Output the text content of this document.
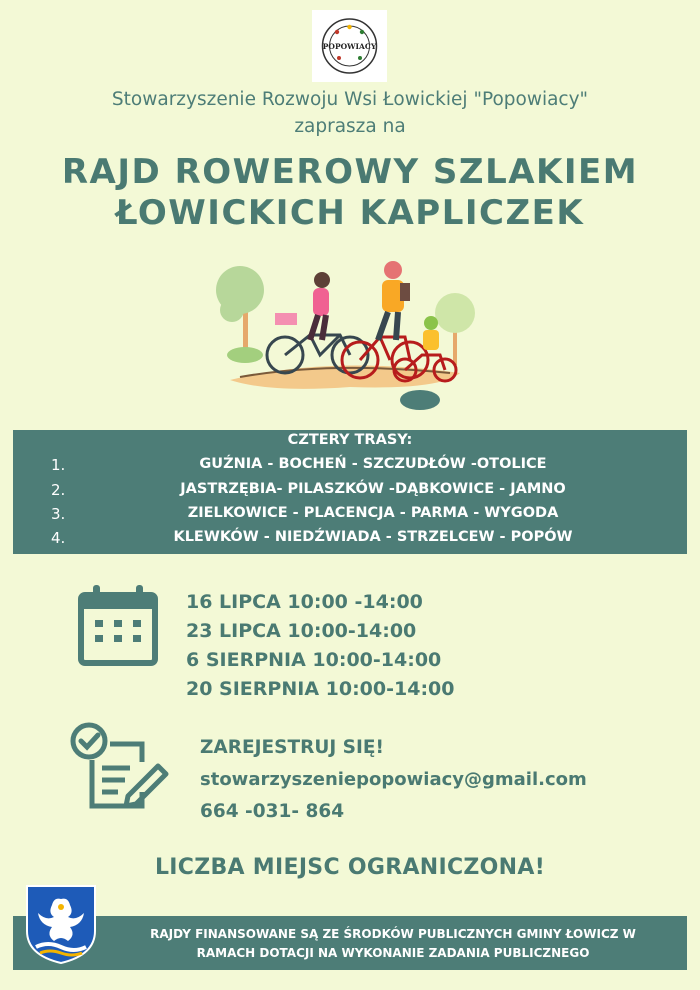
POPOWIACY
Stowarzyszenie Rozwoju Wsi Łowickiej "Popowiacy"
zaprasza na
RAJD ROWEROWY SZLAKIEM
ŁOWICKICH KAPLICZEK
CZTERY TRASY:
1.	GUŹNIA - BOCHEŃ - SZCZUDŁÓW -OTOLICE
2.	JASTRZĘBIA- PILASZKÓW -DĄBKOWICE - JAMNO
3.	ZIELKOWICE - PLACENCJA - PARMA - WYGODA
4.	KLEWKÓW - NIEDŹWIADA - STRZELCEW - POPÓW
16 LIPCA 10:00 -14:00
23 LIPCA 10:00-14:00
6 SIERPNIA 10:00-14:00
20 SIERPNIA 10:00-14:00
ZAREJESTRUJ SIĘ!
stowarzyszeniepopowiacy@gmail.com
664 -031- 864
LICZBA MIEJSC OGRANICZONA!
RAJDY FINANSOWANE SĄ ZE ŚRODKÓW PUBLICZNYCH GMINY ŁOWICZ W
RAMACH DOTACJI NA WYKONANIE ZADANIA PUBLICZNEGO
